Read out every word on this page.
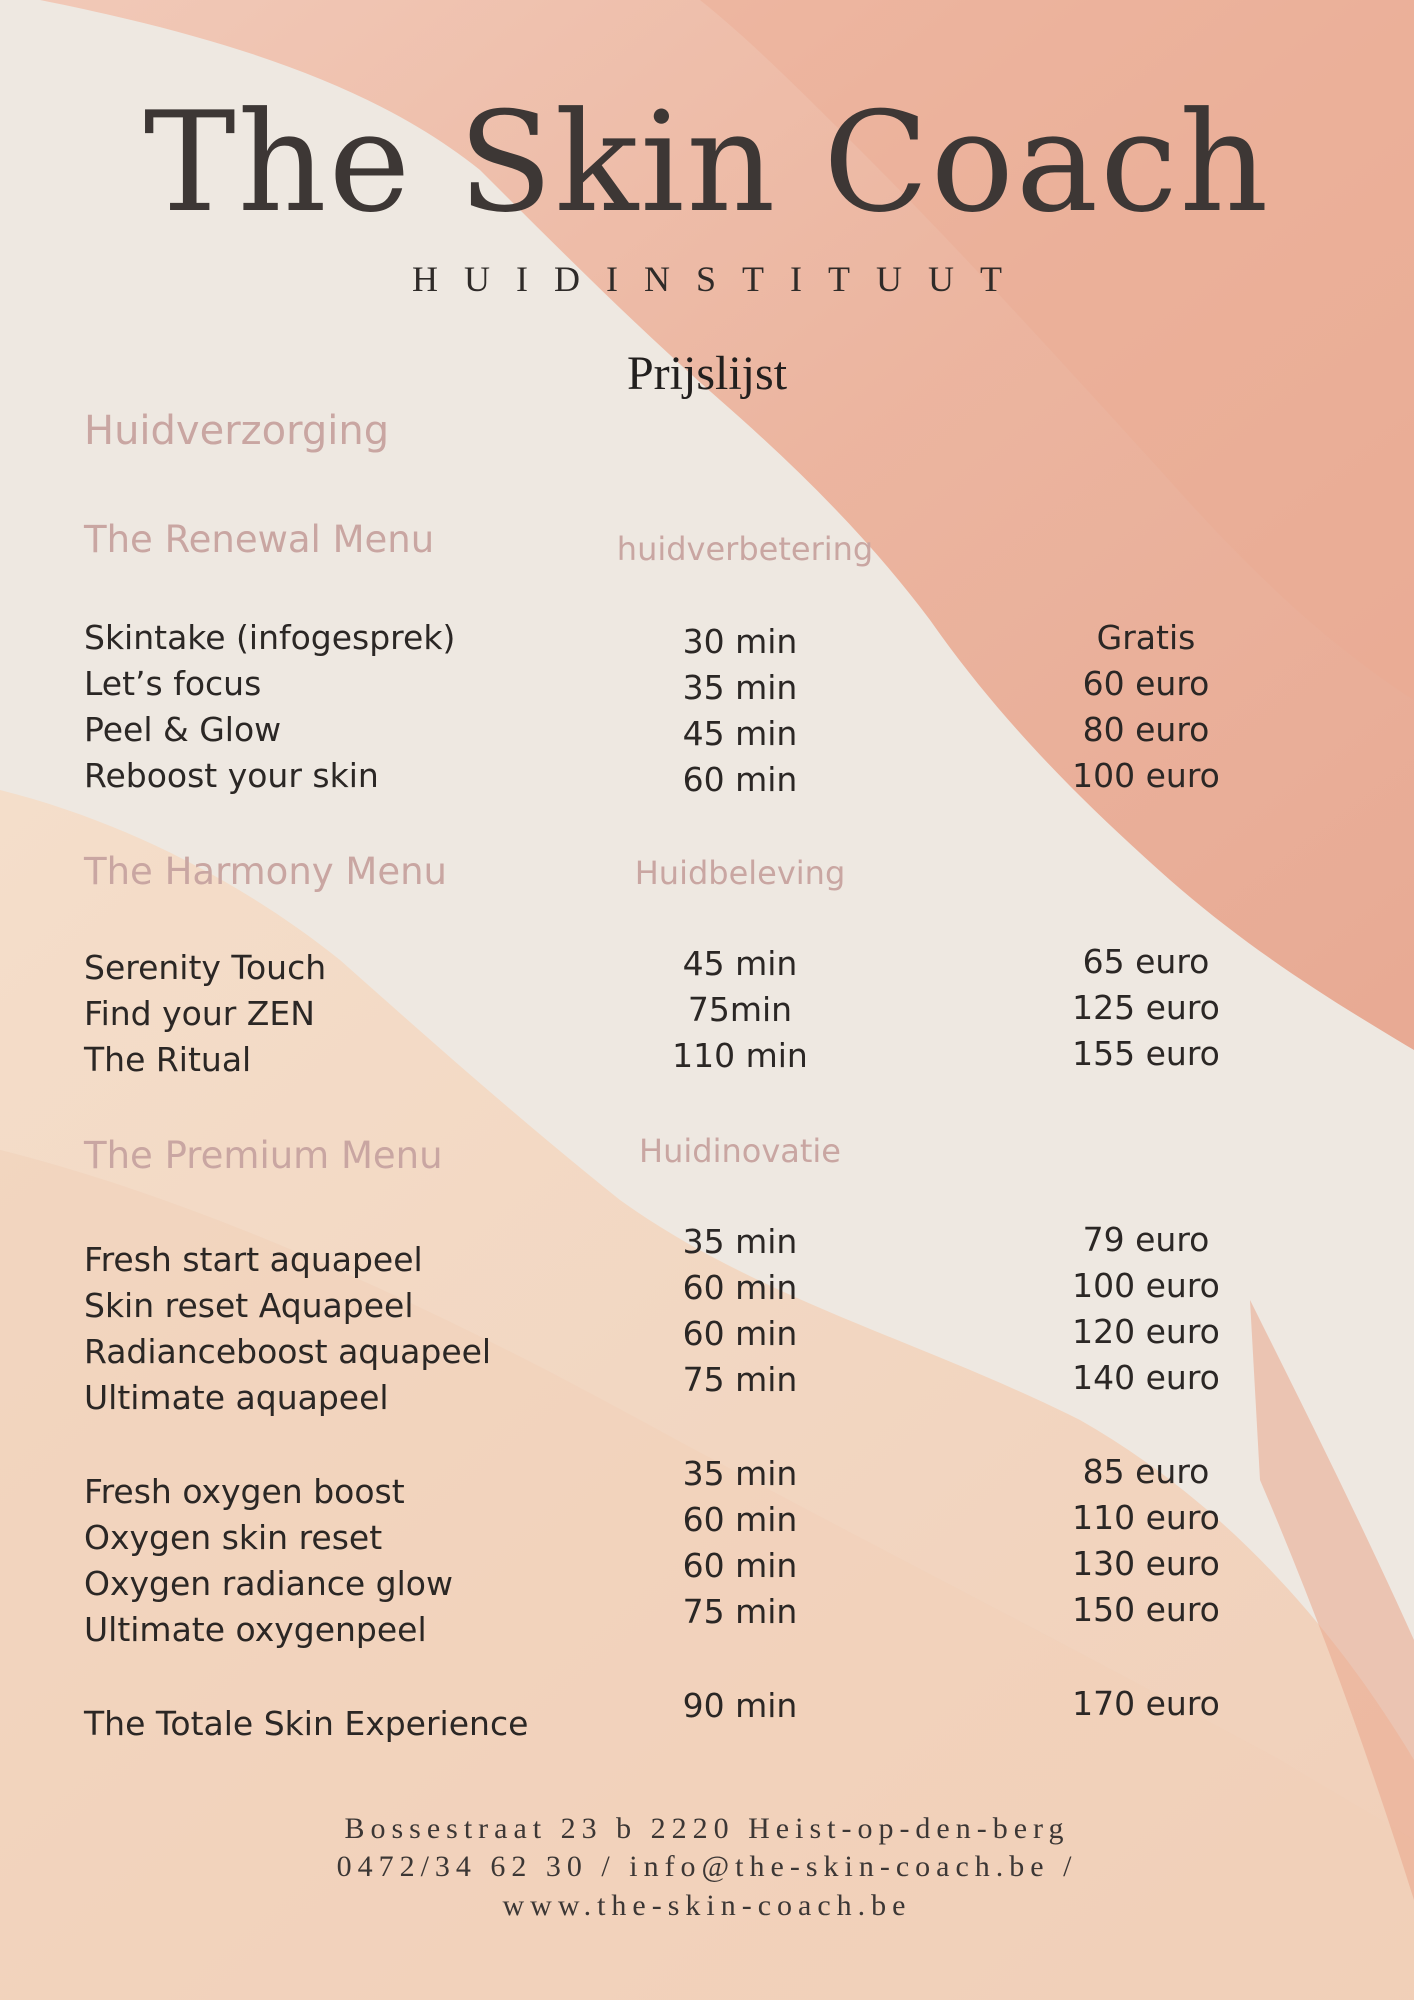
The Skin Coach
HUIDINSTITUUT
Prijslijst
Huidverzorging
The Renewal Menu	huidverbetering
Skintake (infogesprek)	30 min	Gratis
Let’s focus	35 min	60 euro
Peel & Glow	45 min	80 euro
Reboost your skin	60 min	100 euro
The Harmony Menu	Huidbeleving
Serenity Touch	45 min	65 euro
Find your ZEN	75min	125 euro
The Ritual	110 min	155 euro
The Premium Menu	Huidinovatie
Fresh start aquapeel	35 min	79 euro
Skin reset Aquapeel	60 min	100 euro
Radianceboost aquapeel	60 min	120 euro
Ultimate aquapeel	75 min	140 euro
Fresh oxygen boost	35 min	85 euro
Oxygen skin reset	60 min	110 euro
Oxygen radiance glow	60 min	130 euro
Ultimate oxygenpeel	75 min	150 euro
The Totale Skin Experience	90 min	170 euro
Bossestraat 23 b 2220 Heist-op-den-berg
0472/34 62 30 / info@the-skin-coach.be /
www.the-skin-coach.be
